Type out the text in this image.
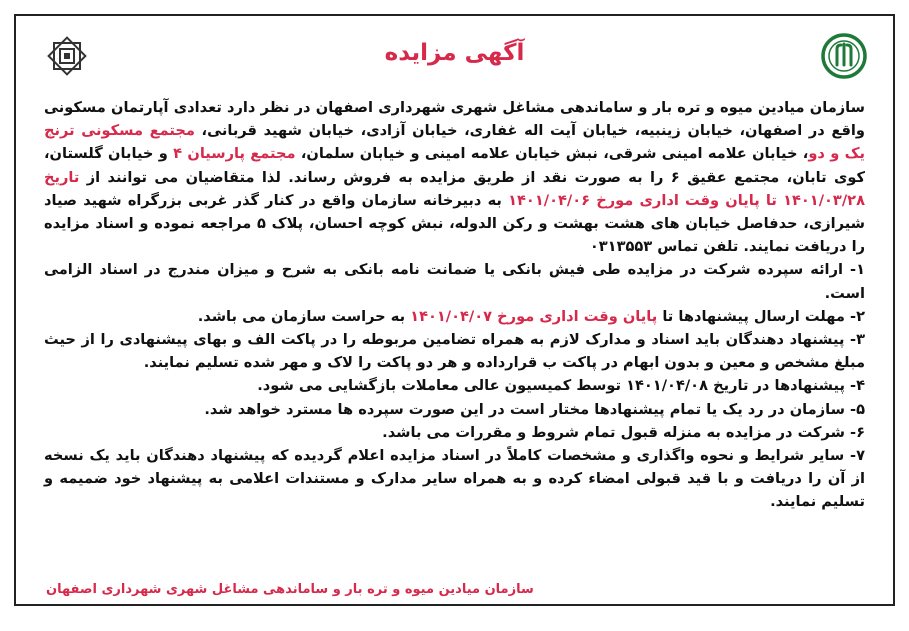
آگهی مزایده

سازمان میادین میوه و تره بار و ساماندهی مشاغل شهری شهرداری اصفهان در نظر دارد تعدادی آپارتمان مسکونی واقع در اصفهان، خیابان زینبیه، خیابان آیت اله غفاری، خیابان آزادی، خیابان شهید قربانی، مجتمع مسکونی ترنج یک و دو، خیابان علامه امینی شرقی، نبش خیابان علامه امینی و خیابان سلمان، مجتمع پارسیان ۴ و خیابان گلستان، کوی تابان، مجتمع عقیق ۶ را به صورت نقد از طریق مزایده به فروش رساند. لذا متقاضیان می توانند از تاریخ ۱۴۰۱/۰۳/۲۸ تا پایان وقت اداری مورخ ۱۴۰۱/۰۴/۰۶ به دبیرخانه سازمان واقع در کنار گذر غربی بزرگراه شهید صیاد شیرازی، حدفاصل خیابان های هشت بهشت و رکن الدوله، نبش کوچه احسان، پلاک ۵ مراجعه نموده و اسناد مزایده را دریافت نمایند. تلفن تماس ۰۳۱۳۵۵۳

۱- ارائه سپرده شرکت در مزایده طی فیش بانکی یا ضمانت نامه بانکی به شرح و میزان مندرج در اسناد الزامی است.

۲- مهلت ارسال پیشنهادها تا پایان وقت اداری مورخ ۱۴۰۱/۰۴/۰۷ به حراست سازمان می باشد.

۳- پیشنهاد دهندگان باید اسناد و مدارک لازم به همراه تضامین مربوطه را در پاکت الف و بهای پیشنهادی را از حیث مبلغ مشخص و معین و بدون ابهام در پاکت ب قرارداده و هر دو پاکت را لاک و مهر شده تسلیم نمایند.

۴- پیشنهادها در تاریخ ۱۴۰۱/۰۴/۰۸ توسط کمیسیون عالی معاملات بازگشایی می شود.

۵- سازمان در رد یک یا تمام پیشنهادها مختار است در این صورت سپرده ها مسترد خواهد شد.

۶- شرکت در مزایده به منزله قبول تمام شروط و مقررات می باشد.

۷- سایر شرایط و نحوه واگذاری و مشخصات کاملاً در اسناد مزایده اعلام گردیده که پیشنهاد دهندگان باید یک نسخه از آن را دریافت و با قید قبولی امضاء کرده و به همراه سایر مدارک و مستندات اعلامی به پیشنهاد خود ضمیمه و تسلیم نمایند.

سازمان میادین میوه و تره بار و ساماندهی مشاغل شهری شهرداری اصفهان
